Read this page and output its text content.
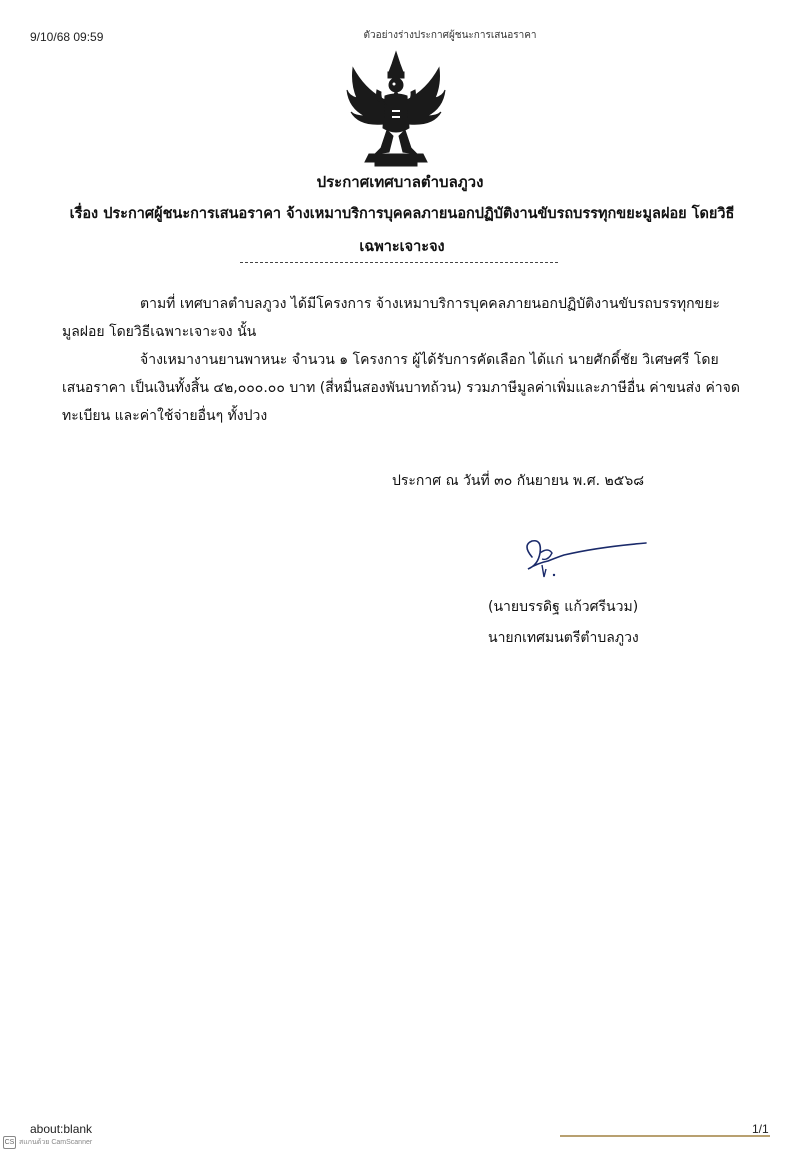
9/10/68 09:59	ตัวอย่างร่างประกาศผู้ชนะการเสนอราคา
ประกาศเทศบาลตำบลภูวง
เรื่อง ประกาศผู้ชนะการเสนอราคา จ้างเหมาบริการบุคคลภายนอกปฏิบัติงานขับรถบรรทุกขยะมูลฝอย โดยวิธีเฉพาะเจาะจง
ตามที่ เทศบาลตำบลภูวง ได้มีโครงการ จ้างเหมาบริการบุคคลภายนอกปฏิบัติงานขับรถบรรทุกขยะมูลฝอย โดยวิธีเฉพาะเจาะจง นั้น
จ้างเหมางานยานพาหนะ จำนวน ๑ โครงการ ผู้ได้รับการคัดเลือก ได้แก่ นายศักดิ์ชัย วิเศษศรี โดยเสนอราคา เป็นเงินทั้งสิ้น ๔๒,๐๐๐.๐๐ บาท (สี่หมื่นสองพันบาทถ้วน) รวมภาษีมูลค่าเพิ่มและภาษีอื่น ค่าขนส่ง ค่าจดทะเบียน และค่าใช้จ่ายอื่นๆ ทั้งปวง
ประกาศ ณ วันที่ ๓๐ กันยายน พ.ศ. ๒๕๖๘
(นายบรรดิฐ แก้วศรีนวม)
นายกเทศมนตรีตำบลภูวง
about:blank	1/1
CS สแกนด้วย CamScanner
